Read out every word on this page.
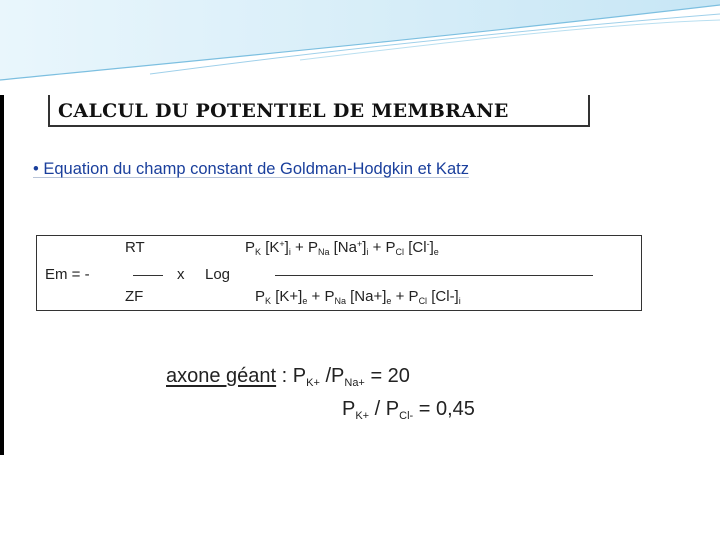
CALCUL DU POTENTIEL DE MEMBRANE
• Equation du champ constant de Goldman-Hodgkin et Katz
Em = -
RT
ZF
x Log
$P_K$ $[K^+]_i + P_{Na}$ $[Na^+]_i + P_{Cl}$ $[Cl^-]_e$
$P_K$ $[K+]_e + P_{Na}$ $[Na+]_e + P_{Cl}$ $[Cl-]_i$
axone géant : $P_{K+}$ $/P_{Na+} = 20$
$P_{K+} / P_{Cl-} = 0,45$
